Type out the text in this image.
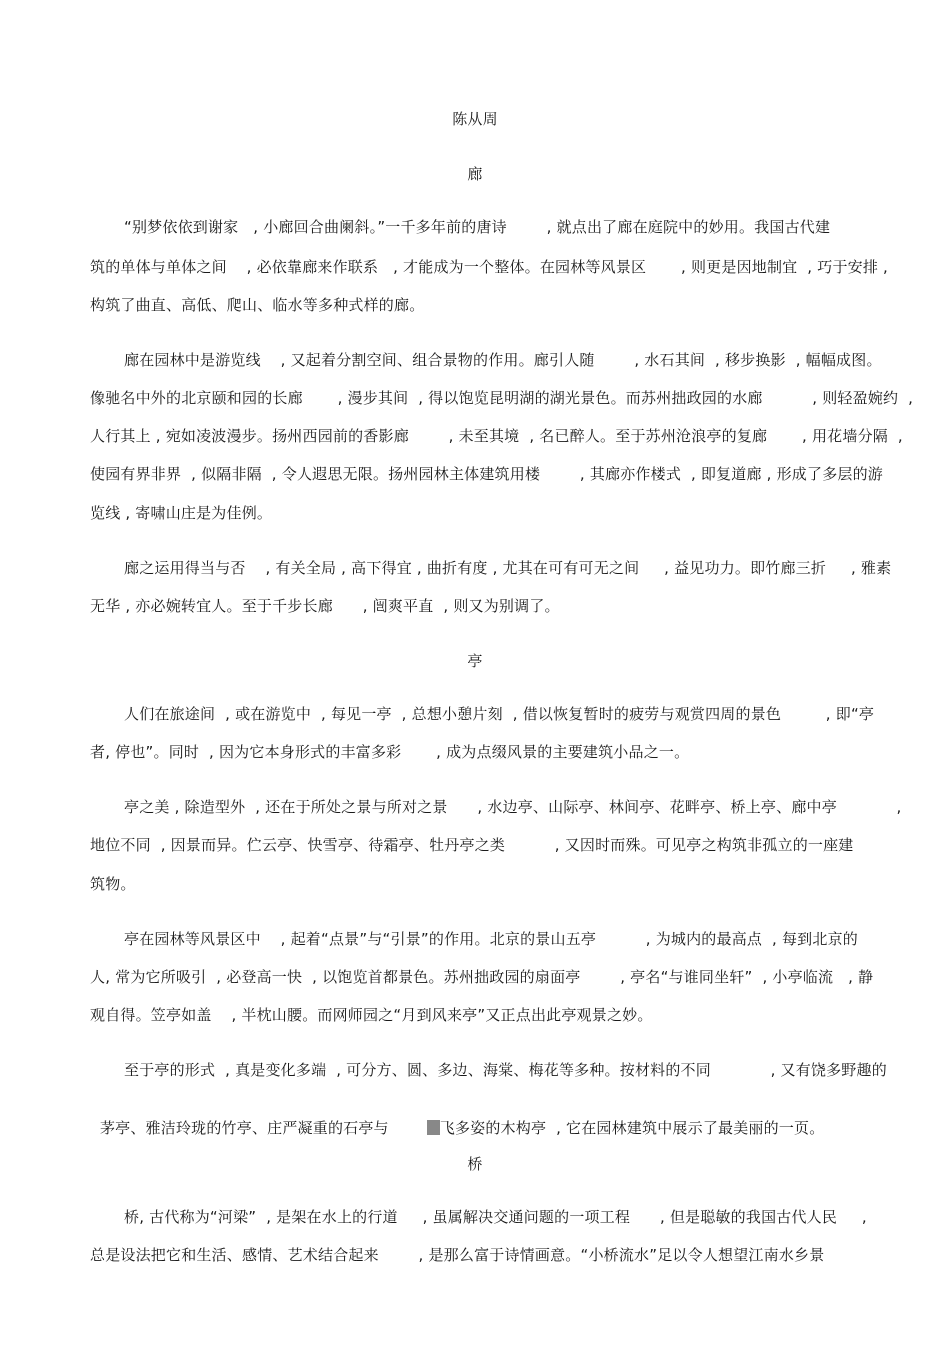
陈从周
廊
“别梦依依到谢家   , 小廊回合曲阑斜。”一千多年前的唐诗        , 就点出了廊在庭院中的妙用。我国古代建
筑的单体与单体之间    , 必依靠廊来作联系   , 才能成为一个整体。在园林等风景区       , 则更是因地制宜  , 巧于安排 ,
构筑了曲直、高低、爬山、临水等多种式样的廊。
廊在园林中是游览线    , 又起着分割空间、组合景物的作用。廊引人随        , 水石其间  , 移步换影  , 幅幅成图。
像驰名中外的北京颐和园的长廊       , 漫步其间  , 得以饱览昆明湖的湖光景色。而苏州拙政园的水廊          , 则轻盈婉约  ,
人行其上 , 宛如凌波漫步。扬州西园前的香影廊        , 未至其境  , 名已醉人。至于苏州沧浪亭的复廊       , 用花墙分隔  ,
使园有界非界  , 似隔非隔  , 令人遐思无限。扬州园林主体建筑用楼        , 其廊亦作楼式  , 即复道廊 , 形成了多层的游
览线 , 寄啸山庄是为佳例。
廊之运用得当与否    , 有关全局 , 高下得宜 , 曲折有度 , 尤其在可有可无之间     , 益见功力。即竹廊三折     , 雅素
无华 , 亦必婉转宜人。至于千步长廊      , 闿爽平直  , 则又为别调了。
亭
人们在旅途间  , 或在游览中  , 每见一亭  , 总想小憩片刻  , 借以恢复暂时的疲劳与观赏四周的景色         , 即“亭
者, 停也”。同时  , 因为它本身形式的丰富多彩       , 成为点缀风景的主要建筑小品之一。
亭之美 , 除造型外  , 还在于所处之景与所对之景      , 水边亭、山际亭、林间亭、花畔亭、桥上亭、廊中亭            ,
地位不同  , 因景而异。伫云亭、快雪亭、待霜亭、牡丹亭之类          , 又因时而殊。可见亭之构筑非孤立的一座建
筑物。
亭在园林等风景区中    , 起着“点景”与“引景”的作用。北京的景山五亭          , 为城内的最高点  , 每到北京的
人, 常为它所吸引  , 必登高一快  , 以饱览首都景色。苏州拙政园的扇面亭        , 亭名“与谁同坐轩”  , 小亭临流   , 静
观自得。笠亭如盖    , 半枕山腰。而网师园之“月到风来亭”又正点出此亭观景之妙。
至于亭的形式  , 真是变化多端  , 可分方、圆、多边、海棠、梅花等多种。按材料的不同            , 又有饶多野趣的

茅亭、雅洁玲珑的竹亭、庄严凝重的石亭与	飞多姿的木构亭  , 它在园林建筑中展示了最美丽的一页。

桥
桥, 古代称为“河梁”  , 是架在水上的行道     , 虽属解决交通问题的一项工程      , 但是聪敏的我国古代人民     ,
总是设法把它和生活、感情、艺术结合起来        , 是那么富于诗情画意。“小桥流水”足以令人想望江南水乡景
